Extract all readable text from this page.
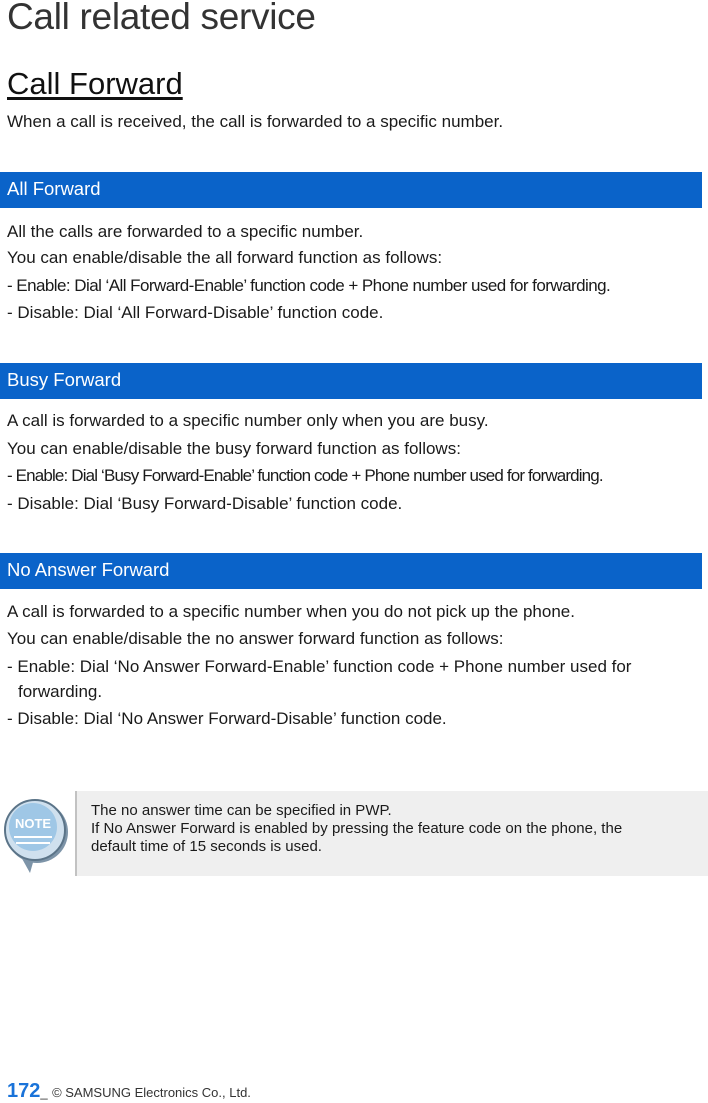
Call related service
Call Forward
When a call is received, the call is forwarded to a specific number.
All Forward
All the calls are forwarded to a specific number.
You can enable/disable the all forward function as follows:
- Enable: Dial ‘All Forward-Enable’ function code + Phone number used for forwarding.
- Disable: Dial ‘All Forward-Disable’ function code.
Busy Forward
A call is forwarded to a specific number only when you are busy.
You can enable/disable the busy forward function as follows:
- Enable: Dial ‘Busy Forward-Enable’ function code + Phone number used for forwarding.
- Disable: Dial ‘Busy Forward-Disable’ function code.
No Answer Forward
A call is forwarded to a specific number when you do not pick up the phone.
You can enable/disable the no answer forward function as follows:
- Enable: Dial ‘No Answer Forward-Enable’ function code + Phone number used for
forwarding.
- Disable: Dial ‘No Answer Forward-Disable’ function code.
NOTE
The no answer time can be specified in PWP.
If No Answer Forward is enabled by pressing the feature code on the phone, the
default time of 15 seconds is used.
172_ © SAMSUNG Electronics Co., Ltd.
